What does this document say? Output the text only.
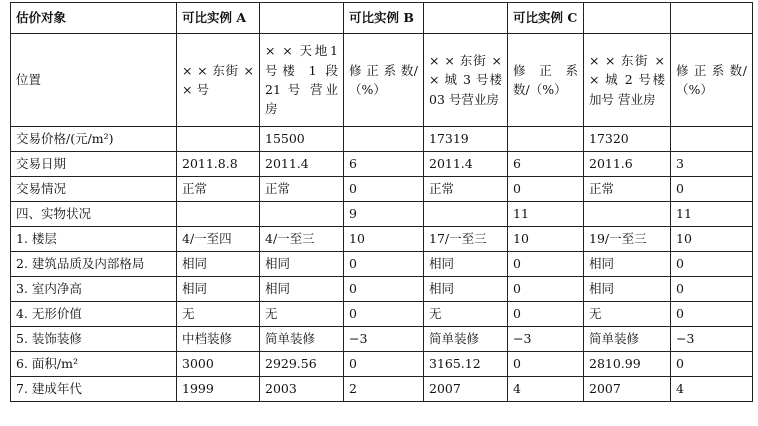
估价对象	可比实例 A		可比实例 B		可比实例 C		
位置	× × 东街 × × 号	× × 天地1号楼 1 段 21 号 营业房	修 正 系 数/（%）	× × 东街 × × 城 3 号楼03 号营业房	修 正 系 数/（%）	× × 东街 × × 城 2 号楼加号 营业房	修 正 系 数/（%）
交易价格/(元/m²)		15500		17319		17320	
交易日期	2011.8.8	2011.4	6	2011.4	6	2011.6	3
交易情况	正常	正常	0	正常	0	正常	0
四、实物状况			9		11		11
1. 楼层	4/一至四	4/一至三	10	17/一至三	10	19/一至三	10
2. 建筑品质及内部格局	相同	相同	0	相同	0	相同	0
3. 室内净高	相同	相同	0	相同	0	相同	0
4. 无形价值	无	无	0	无	0	无	0
5. 装饰装修	中档装修	简单装修	−3	简单装修	−3	简单装修	−3
6. 面积/m²	3000	2929.56	0	3165.12	0	2810.99	0
7. 建成年代	1999	2003	2	2007	4	2007	4
